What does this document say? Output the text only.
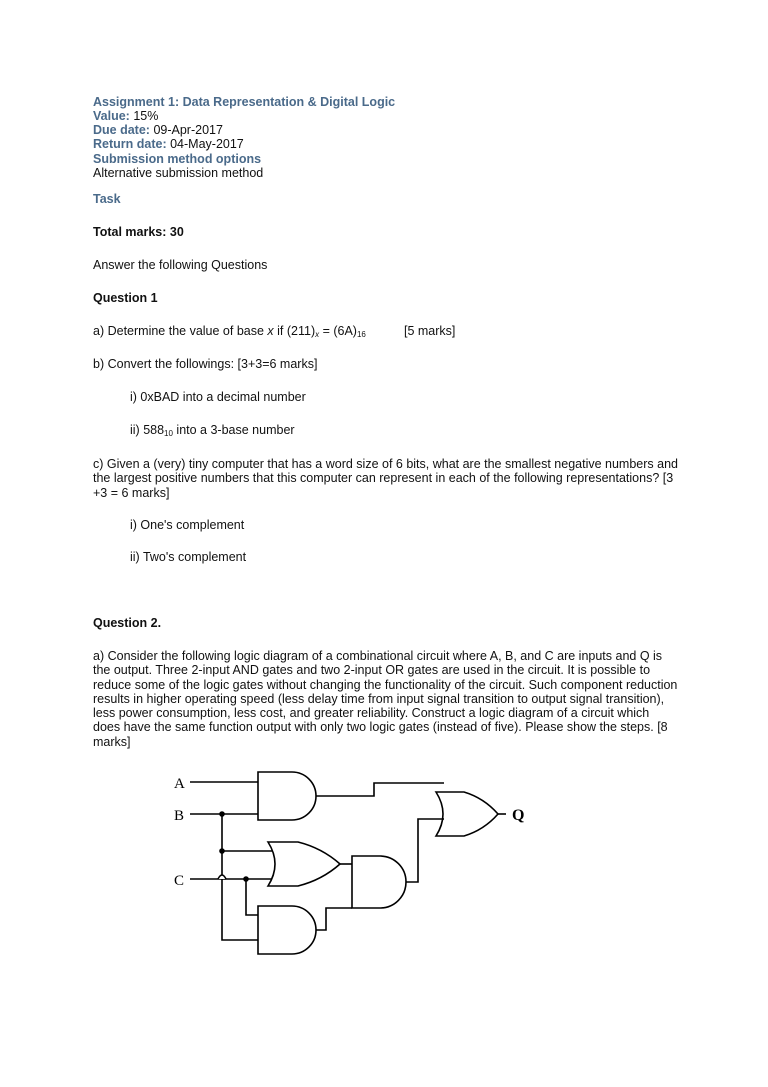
Assignment 1: Data Representation & Digital Logic
Value: 15%
Due date: 09-Apr-2017
Return date: 04-May-2017
Submission method options
Alternative submission method
Task
Total marks: 30
Answer the following Questions
Question 1
a) Determine the value of base x if $(211)_x = (6A)_{16}$	[5 marks]
b) Convert the followings: [3+3=6 marks]
i) 0xBAD into a decimal number
ii) $588_{10}$ into a 3-base number
c) Given a (very) tiny computer that has a word size of 6 bits, what are the smallest negative numbers and the largest positive numbers that this computer can represent in each of the following representations? [3 +3 = 6 marks]
i) One's complement
ii) Two's complement
Question 2.
a) Consider the following logic diagram of a combinational circuit where A, B, and C are inputs and Q is the output. Three 2-input AND gates and two 2-input OR gates are used in the circuit. It is possible to reduce some of the logic gates without changing the functionality of the circuit. Such component reduction results in higher operating speed (less delay time from input signal transition to output signal transition), less power consumption, less cost, and greater reliability. Construct a logic diagram of a circuit which does have the same function output with only two logic gates (instead of five). Please show the steps. [8 marks]
A
B
C
Q
